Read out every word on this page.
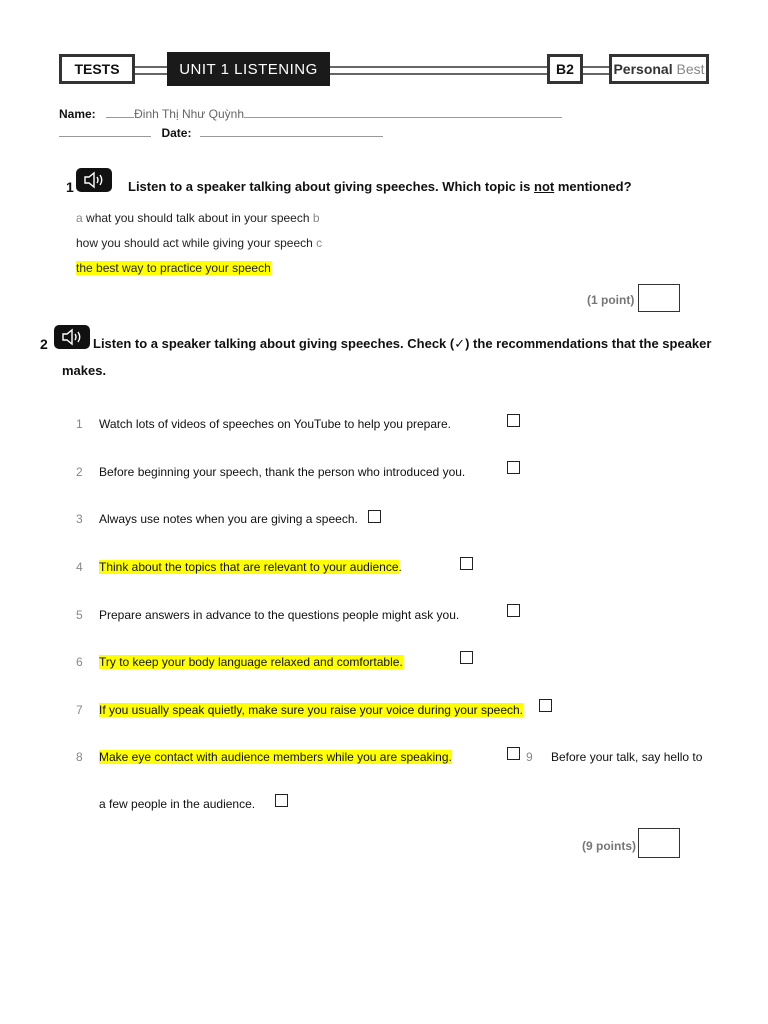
TESTS	UNIT 1 LISTENING	B2	Personal Best
Name:	Đinh Thị Như Quỳnh
Date:
1	Listen to a speaker talking about giving speeches. Which topic is not mentioned?
a what you should talk about in your speech b
how you should act while giving your speech c
the best way to practice your speech
(1 point)
2	Listen to a speaker talking about giving speeches. Check (✓) the recommendations that the speaker
makes.
1 Watch lots of videos of speeches on YouTube to help you prepare.
2 Before beginning your speech, thank the person who introduced you.
3 Always use notes when you are giving a speech.
4 Think about the topics that are relevant to your audience.
5 Prepare answers in advance to the questions people might ask you.
6 Try to keep your body language relaxed and comfortable.
7 If you usually speak quietly, make sure you raise your voice during your speech.
8 Make eye contact with audience members while you are speaking.	9 Before your talk, say hello to
a few people in the audience.
(9 points)
